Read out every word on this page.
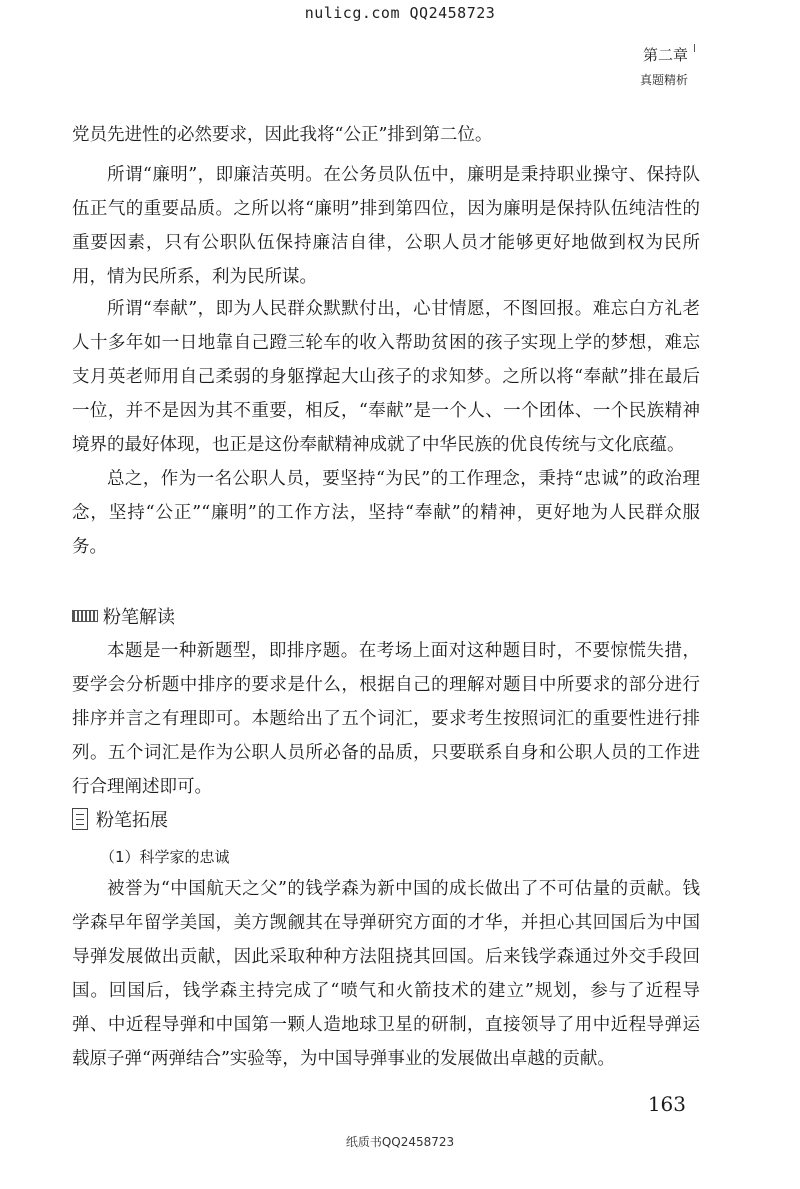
nulicg.com QQ2458723
第二章
真题精析

党员先进性的必然要求，因此我将“公正”排到第二位。

所谓“廉明”，即廉洁英明。在公务员队伍中，廉明是秉持职业操守、保持队伍正气的重要品质。之所以将“廉明”排到第四位，因为廉明是保持队伍纯洁性的重要因素，只有公职队伍保持廉洁自律，公职人员才能够更好地做到权为民所用，情为民所系，利为民所谋。

所谓“奉献”，即为人民群众默默付出，心甘情愿，不图回报。难忘白方礼老人十多年如一日地靠自己蹬三轮车的收入帮助贫困的孩子实现上学的梦想，难忘支月英老师用自己柔弱的身躯撑起大山孩子的求知梦。之所以将“奉献”排在最后一位，并不是因为其不重要，相反，“奉献”是一个人、一个团体、一个民族精神境界的最好体现，也正是这份奉献精神成就了中华民族的优良传统与文化底蕴。

总之，作为一名公职人员，要坚持“为民”的工作理念，秉持“忠诚”的政治理念，坚持“公正”“廉明”的工作方法，坚持“奉献”的精神，更好地为人民群众服务。

粉笔解读

本题是一种新题型，即排序题。在考场上面对这种题目时，不要惊慌失措，要学会分析题中排序的要求是什么，根据自己的理解对题目中所要求的部分进行排序并言之有理即可。本题给出了五个词汇，要求考生按照词汇的重要性进行排列。五个词汇是作为公职人员所必备的品质，只要联系自身和公职人员的工作进行合理阐述即可。

粉笔拓展
（1）科学家的忠诚

被誉为“中国航天之父”的钱学森为新中国的成长做出了不可估量的贡献。钱学森早年留学美国，美方觊觎其在导弹研究方面的才华，并担心其回国后为中国导弹发展做出贡献，因此采取种种方法阻挠其回国。后来钱学森通过外交手段回国。回国后，钱学森主持完成了“喷气和火箭技术的建立”规划，参与了近程导弹、中近程导弹和中国第一颗人造地球卫星的研制，直接领导了用中近程导弹运载原子弹“两弹结合”实验等，为中国导弹事业的发展做出卓越的贡献。

163
纸质书QQ2458723
